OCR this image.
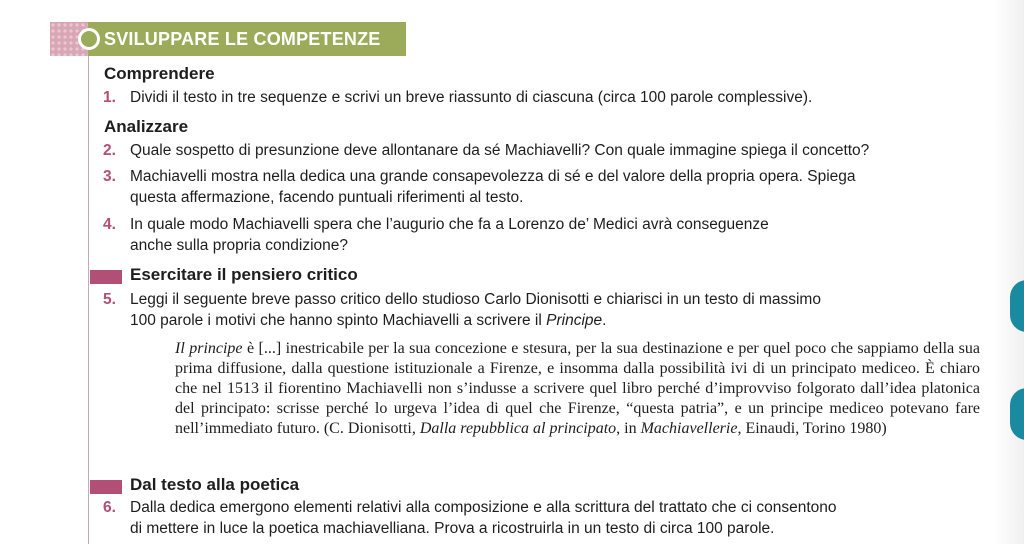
SVILUPPARE LE COMPETENZE
Comprendere
1. Dividi il testo in tre sequenze e scrivi un breve riassunto di ciascuna (circa 100 parole complessive).
Analizzare
2. Quale sospetto di presunzione deve allontanare da sé Machiavelli? Con quale immagine spiega il concetto?
3. Machiavelli mostra nella dedica una grande consapevolezza di sé e del valore della propria opera. Spiega
questa affermazione, facendo puntuali riferimenti al testo.
4. In quale modo Machiavelli spera che l’augurio che fa a Lorenzo de’ Medici avrà conseguenze
anche sulla propria condizione?
Esercitare il pensiero critico
5. Leggi il seguente breve passo critico dello studioso Carlo Dionisotti e chiarisci in un testo di massimo
100 parole i motivi che hanno spinto Machiavelli a scrivere il Principe.
Il principe è [...] inestricabile per la sua concezione e stesura, per la sua destinazione e per quel poco che sappiamo della sua prima diffusione, dalla questione istituzionale a Firenze, e insomma dalla possibilità ivi di un principato mediceo. È chiaro che nel 1513 il fiorentino Machiavelli non s’indusse a scrivere quel libro perché d’improvviso folgorato dall’idea platonica del principato: scrisse perché lo urgeva l’idea di quel che Firenze, “questa patria”, e un principe mediceo potevano fare nell’immediato futuro. (C. Dionisotti, Dalla repubblica al principato, in Machiavellerie, Einaudi, Torino 1980)
Dal testo alla poetica
6. Dalla dedica emergono elementi relativi alla composizione e alla scrittura del trattato che ci consentono
di mettere in luce la poetica machiavelliana. Prova a ricostruirla in un testo di circa 100 parole.
